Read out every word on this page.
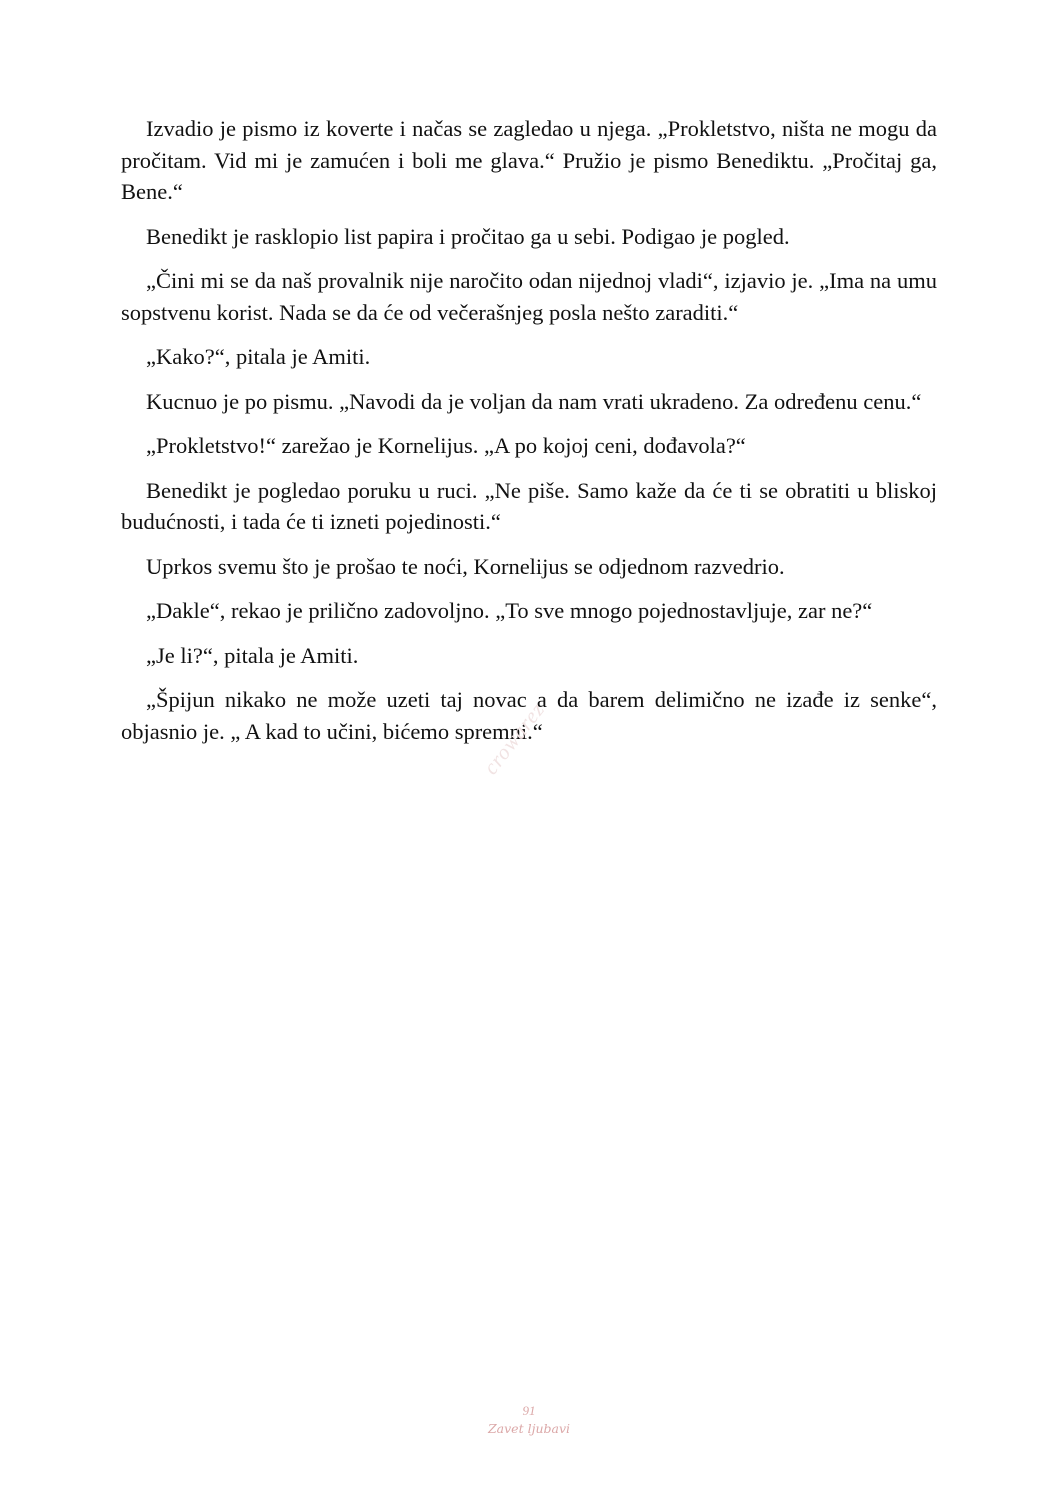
Izvadio je pismo iz koverte i načas se zagledao u njega. „Prokletstvo, ništa ne mogu da pročitam. Vid mi je zamućen i boli me glava.“ Pružio je pismo Benediktu. „Pročitaj ga, Bene.“

Benedikt je rasklopio list papira i pročitao ga u sebi. Podigao je pogled.

„Čini mi se da naš provalnik nije naročito odan nijednoj vladi“, izjavio je. „Ima na umu sopstvenu korist. Nada se da će od večerašnjeg posla nešto zaraditi.“

„Kako?“, pitala je Amiti.

Kucnuo je po pismu. „Navodi da je voljan da nam vrati ukradeno. Za određenu cenu.“

„Prokletstvo!“ zarežao je Kornelijus. „A po kojoj ceni, dođavola?“

Benedikt je pogledao poruku u ruci. „Ne piše. Samo kaže da će ti se obratiti u bliskoj budućnosti, i tada će ti izneti pojedinosti.“

Uprkos svemu što je prošao te noći, Kornelijus se odjednom razvedrio.

„Dakle“, rekao je prilično zadovoljno. „To sve mnogo pojednostavljuje, zar ne?“

„Je li?“, pitala je Amiti.

„Špijun nikako ne može uzeti taj novac a da barem delimično ne izađe iz senke“, objasnio je. „ A kad to učini, bićemo spremni.“

crowarez
91
Zavet ljubavi
